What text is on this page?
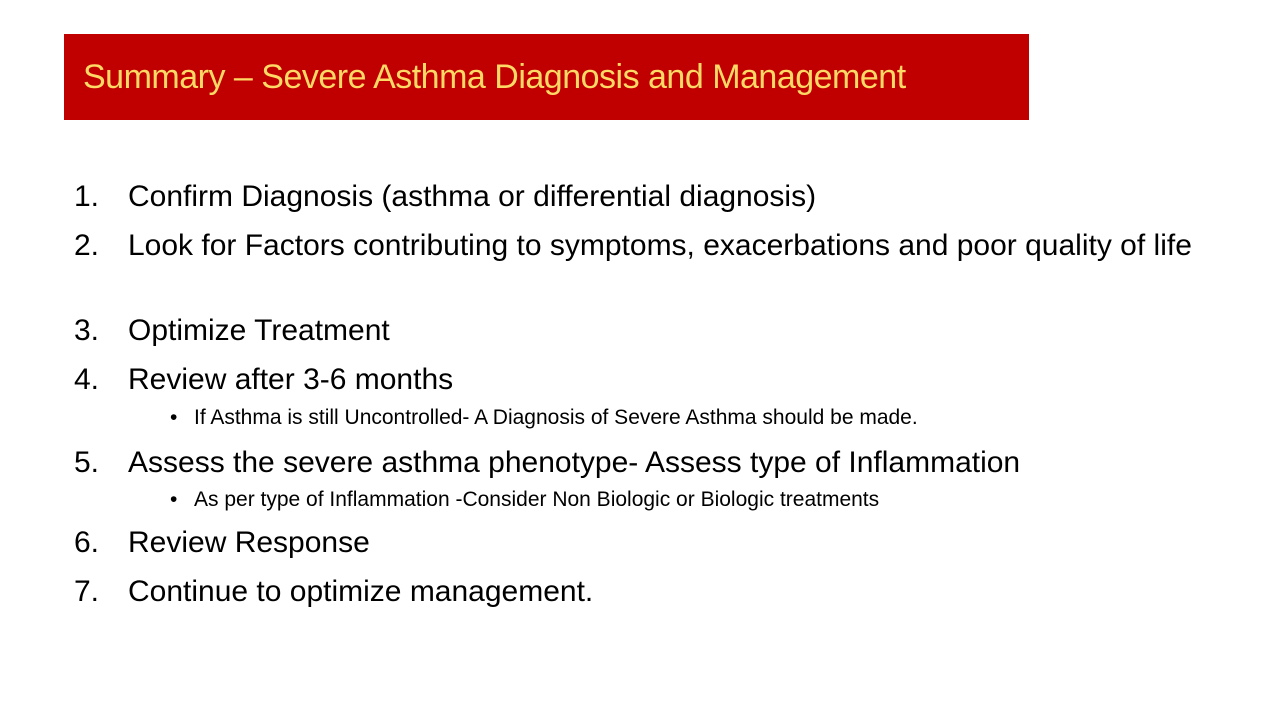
Summary – Severe Asthma Diagnosis and Management
1. Confirm Diagnosis (asthma or differential diagnosis)
2. Look for Factors contributing to symptoms, exacerbations and poor quality of life
3. Optimize Treatment
4. Review after 3-6 months
• If Asthma is still Uncontrolled- A Diagnosis of Severe Asthma should be made.
5. Assess the severe asthma phenotype- Assess type of Inflammation
• As per type of Inflammation -Consider Non Biologic or Biologic treatments
6. Review Response
7. Continue to optimize management.
